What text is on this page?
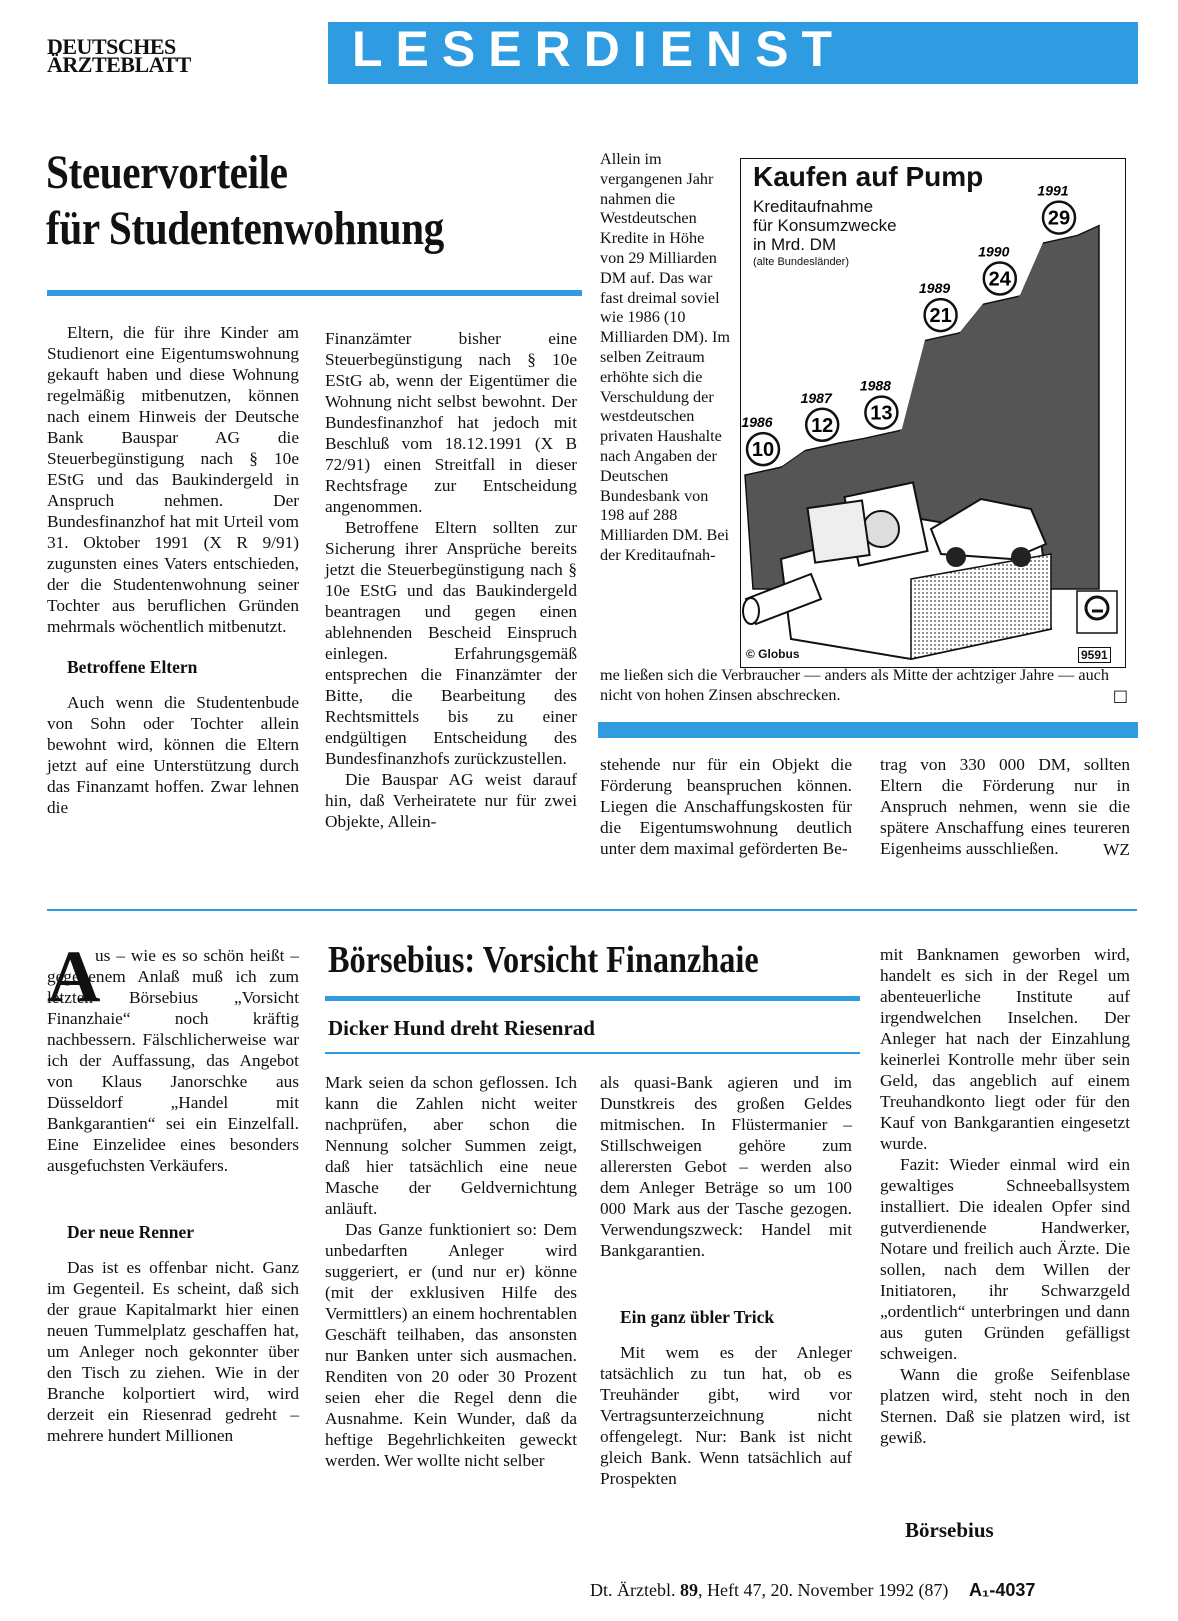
DEUTSCHES
ÄRZTEBLATT	LESERDIENST
Steuervorteile
für Studentenwohnung

Eltern, die für ihre Kinder am Studienort eine Eigentumswohnung gekauft haben und diese Wohnung regelmäßig mitbenutzen, können nach einem Hinweis der Deutsche Bank Bauspar AG die Steuerbegünstigung nach § 10e EStG und das Baukindergeld in Anspruch nehmen. Der Bundesfinanzhof hat mit Urteil vom 31. Oktober 1991 (X R 9/91) zugunsten eines Vaters entschieden, der die Studentenwohnung seiner Tochter aus beruflichen Gründen mehrmals wöchentlich mitbenutzt.

Betroffene Eltern

Auch wenn die Studentenbude von Sohn oder Tochter allein bewohnt wird, können die Eltern jetzt auf eine Unterstützung durch das Finanzamt hoffen. Zwar lehnen die

Finanzämter bisher eine Steuerbegünstigung nach § 10e EStG ab, wenn der Eigentümer die Wohnung nicht selbst bewohnt. Der Bundesfinanzhof hat jedoch mit Beschluß vom 18.12.1991 (X B 72/91) einen Streitfall in dieser Rechtsfrage zur Entscheidung angenommen.

Betroffene Eltern sollten zur Sicherung ihrer Ansprüche bereits jetzt die Steuerbegünstigung nach § 10e EStG und das Baukindergeld beantragen und gegen einen ablehnenden Bescheid Einspruch einlegen. Erfahrungsgemäß entsprechen die Finanzämter der Bitte, die Bearbeitung des Rechtsmittels bis zu einer endgültigen Entscheidung des Bundesfinanzhofs zurückzustellen.

Die Bauspar AG weist darauf hin, daß Verheiratete nur für zwei Objekte, Allein-

Allein im vergangenen Jahr nahmen die Westdeutschen Kredite in Höhe von 29 Milliarden DM auf. Das war fast dreimal soviel wie 1986 (10 Milliarden DM). Im selben Zeitraum erhöhte sich die Verschuldung der westdeutschen privaten Haushalte nach Angaben der Deutschen Bundesbank von 198 auf 288 Milliarden DM. Bei der Kreditaufnah-
10
1986 12
1987
13
1988
21
1989 24
1990
29
1991
Kaufen auf Pump
Kreditaufnahme
für Konsumzwecke
in Mrd. DM
(alte Bundesländer)
© Globus	9591
me ließen sich die Verbraucher — anders als Mitte der achtziger Jahre — auch nicht von hohen Zinsen abschrecken.	□

stehende nur für ein Objekt die Förderung beanspruchen können. Liegen die Anschaffungskosten für die Eigentumswohnung deutlich unter dem maximal geförderten Be-

trag von 330 000 DM, sollten Eltern die Förderung nur in Anspruch nehmen, wenn sie die spätere Anschaffung eines teureren Eigenheims ausschließen.	WZ
A

us – wie es so schön heißt – gegebenem Anlaß muß ich zum letzten Börsebius „Vorsicht Finanzhaie“ noch kräftig nachbessern. Fälschlicherweise war ich der Auffassung, das Angebot von Klaus Janorschke aus Düsseldorf „Handel mit Bankgarantien“ sei ein Einzelfall. Eine Einzelidee eines besonders ausgefuchsten Verkäufers.

Der neue Renner

Das ist es offenbar nicht. Ganz im Gegenteil. Es scheint, daß sich der graue Kapitalmarkt hier einen neuen Tummelplatz geschaffen hat, um Anleger noch gekonnter über den Tisch zu ziehen. Wie in der Branche kolportiert wird, wird derzeit ein Riesenrad gedreht – mehrere hundert Millionen

Börsebius: Vorsicht Finanzhaie
Dicker Hund dreht Riesenrad

Mark seien da schon geflossen. Ich kann die Zahlen nicht weiter nachprüfen, aber schon die Nennung solcher Summen zeigt, daß hier tatsächlich eine neue Masche der Geldvernichtung anläuft.

Das Ganze funktioniert so: Dem unbedarften Anleger wird suggeriert, er (und nur er) könne (mit der exklusiven Hilfe des Vermittlers) an einem hochrentablen Geschäft teilhaben, das ansonsten nur Banken unter sich ausmachen. Renditen von 20 oder 30 Prozent seien eher die Regel denn die Ausnahme. Kein Wunder, daß da heftige Begehrlichkeiten geweckt werden. Wer wollte nicht selber

als quasi-Bank agieren und im Dunstkreis des großen Geldes mitmischen. In Flüstermanier – Stillschweigen gehöre zum allerersten Gebot – werden also dem Anleger Beträge so um 100 000 Mark aus der Tasche gezogen. Verwendungszweck: Handel mit Bankgarantien.

Ein ganz übler Trick

Mit wem es der Anleger tatsächlich zu tun hat, ob es Treuhänder gibt, wird vor Vertragsunterzeichnung nicht offengelegt. Nur: Bank ist nicht gleich Bank. Wenn tatsächlich auf Prospekten

mit Banknamen geworben wird, handelt es sich in der Regel um abenteuerliche Institute auf irgendwelchen Inselchen. Der Anleger hat nach der Einzahlung keinerlei Kontrolle mehr über sein Geld, das angeblich auf einem Treuhandkonto liegt oder für den Kauf von Bankgarantien eingesetzt wurde.

Fazit: Wieder einmal wird ein gewaltiges Schneeballsystem installiert. Die idealen Opfer sind gutverdienende Handwerker, Notare und freilich auch Ärzte. Die sollen, nach dem Willen der Initiatoren, ihr Schwarzgeld „ordentlich“ unterbringen und dann aus guten Gründen gefälligst schweigen.

Wann die große Seifenblase platzen wird, steht noch in den Sternen. Daß sie platzen wird, ist gewiß.

Börsebius
Dt. Ärztebl. 89, Heft 47, 20. November 1992 (87) A₁-4037
